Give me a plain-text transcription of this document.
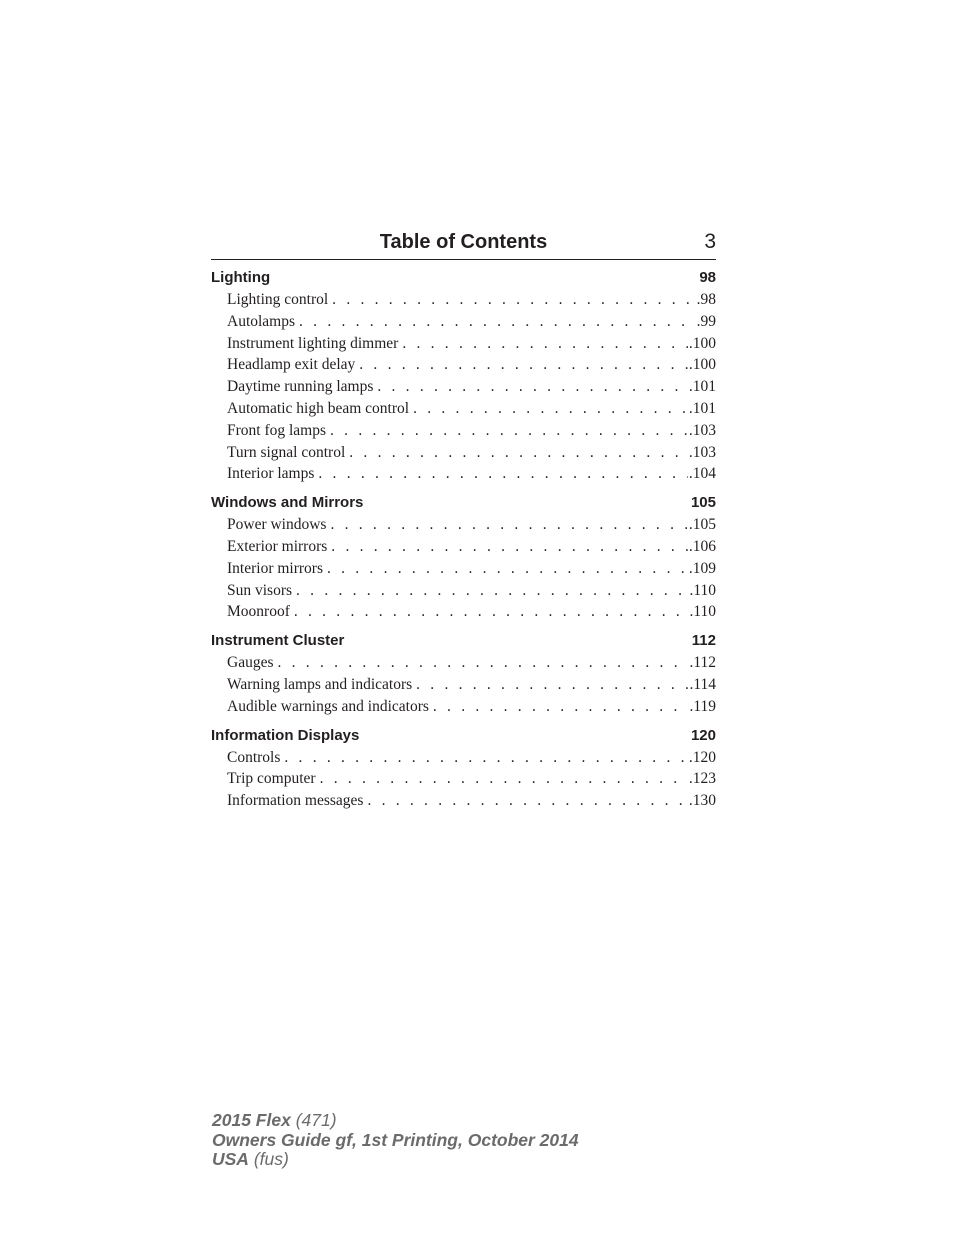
Table of Contents	3
Lighting	98
Lighting control . . .	.98
Autolamps . . .	.99
Instrument lighting dimmer . . .	.100
Headlamp exit delay . . .	.100
Daytime running lamps . . .	.101
Automatic high beam control . . .	.101
Front fog lamps . . .	.103
Turn signal control . . .	.103
Interior lamps . . .	.104
Windows and Mirrors	105
Power windows . . .	.105
Exterior mirrors . . .	.106
Interior mirrors . . .	.109
Sun visors . . .	.110
Moonroof . . .	.110
Instrument Cluster	112
Gauges . . .	.112
Warning lamps and indicators . . .	.114
Audible warnings and indicators . . .	.119
Information Displays	120
Controls . . .	.120
Trip computer . . .	.123
Information messages . . .	.130
2015 Flex (471)
Owners Guide gf, 1st Printing, October 2014
USA (fus)
